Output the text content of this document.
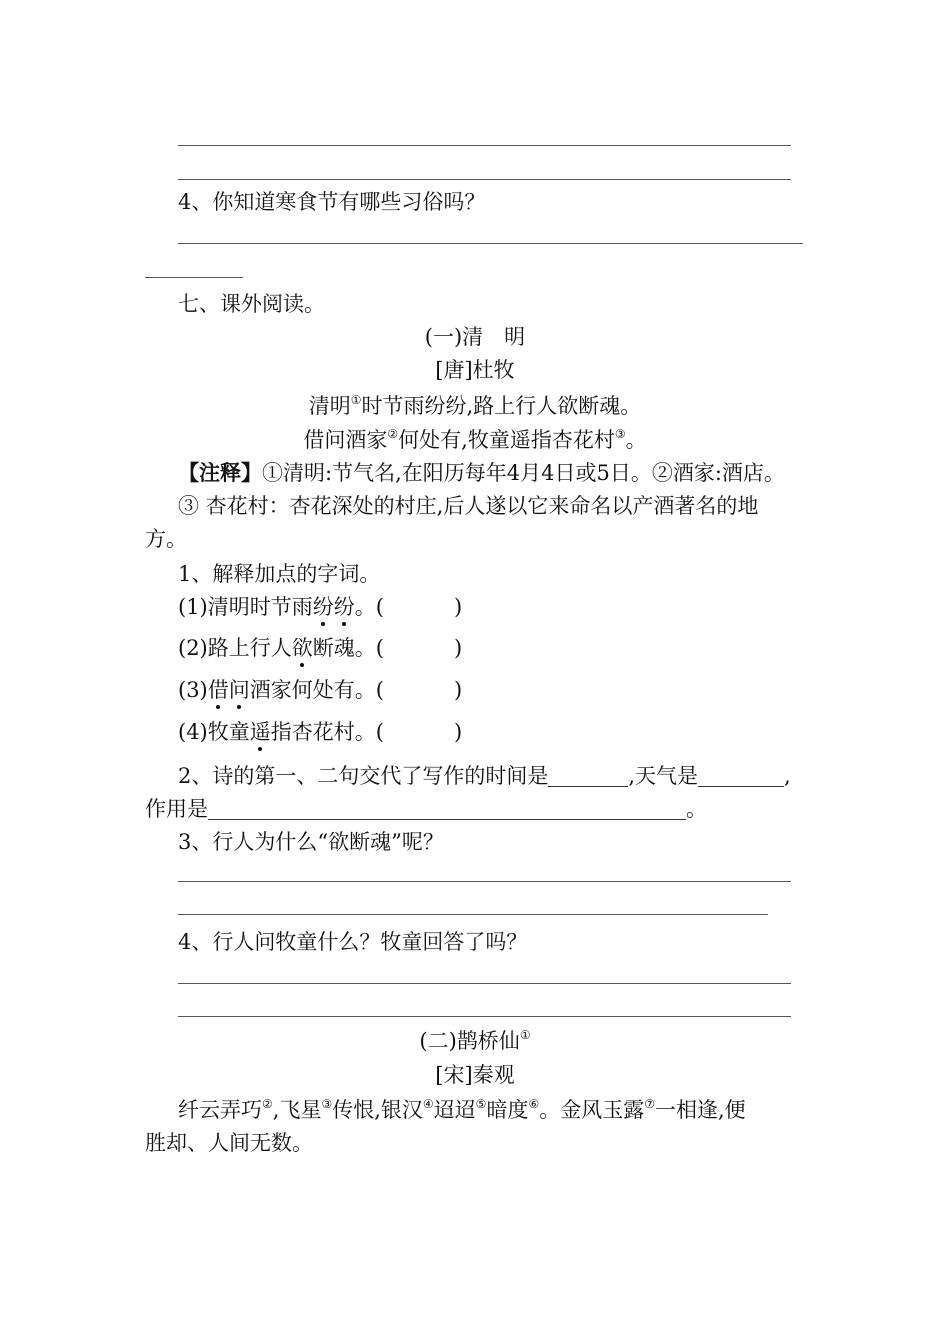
4、你知道寒食节有哪些习俗吗？
七、课外阅读。
(一)清　明
[唐]杜牧
清明①时节雨纷纷,路上行人欲断魂。
借问酒家②何处有,牧童遥指杏花村③。
【注释】①清明:节气名,在阳历每年4月4日或5日。②酒家:酒店。
③ 杏花村：杏花深处的村庄,后人遂以它来命名以产酒著名的地
方。
1、解释加点的字词。
(1)清明时节雨纷纷。(	)
(2)路上行人欲断魂。(	)
(3)借问酒家何处有。(	)
(4)牧童遥指杏花村。(	)
2、诗的第一、二句交代了写作的时间是	,天气是	,
作用是	。
3、行人为什么“欲断魂”呢？
4、行人问牧童什么？牧童回答了吗？
(二)鹊桥仙①
[宋]秦观
纤云弄巧②,飞星③传恨,银汉④迢迢⑤暗度⑥。金风玉露⑦一相逢,便
胜却、人间无数。
